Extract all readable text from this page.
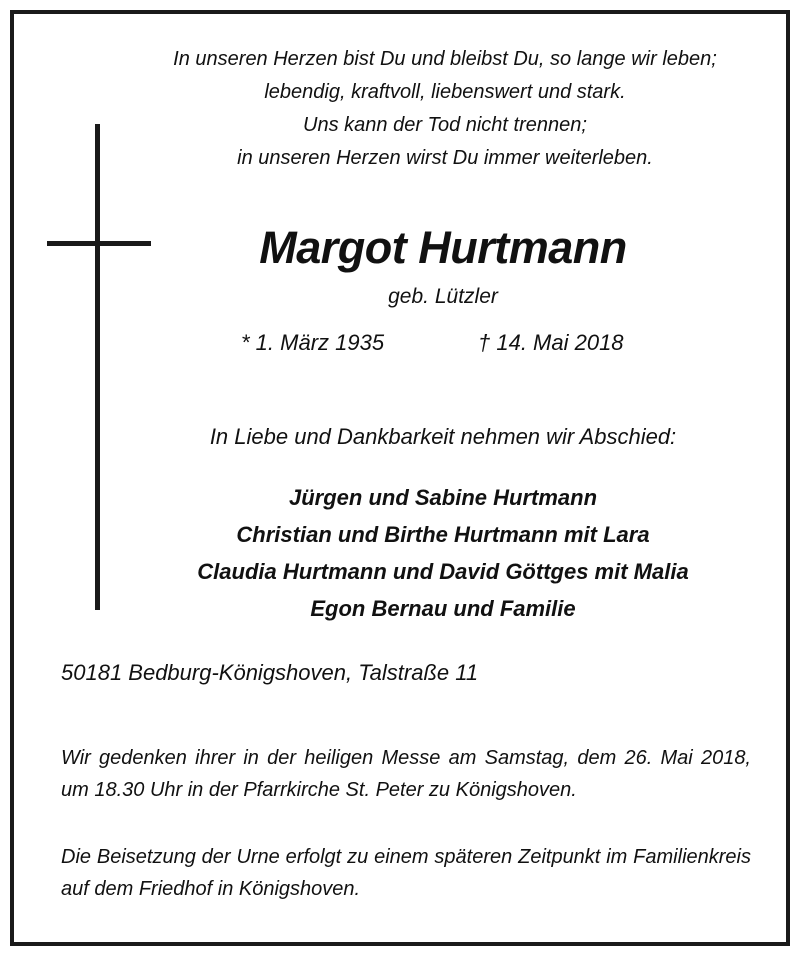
In unseren Herzen bist Du und bleibst Du, so lange wir leben;
lebendig, kraftvoll, liebenswert und stark.
Uns kann der Tod nicht trennen;
in unseren Herzen wirst Du immer weiterleben.
Margot Hurtmann
geb. Lützler
* 1. März 1935	† 14. Mai 2018
In Liebe und Dankbarkeit nehmen wir Abschied:
Jürgen und Sabine Hurtmann
Christian und Birthe Hurtmann mit Lara
Claudia Hurtmann und David Göttges mit Malia
Egon Bernau und Familie
50181 Bedburg-Königshoven, Talstraße 11
Wir gedenken ihrer in der heiligen Messe am Samstag, dem 26. Mai 2018, um 18.30 Uhr in der Pfarrkirche St. Peter zu Königshoven.
Die Beisetzung der Urne erfolgt zu einem späteren Zeitpunkt im Familienkreis auf dem Friedhof in Königshoven.
